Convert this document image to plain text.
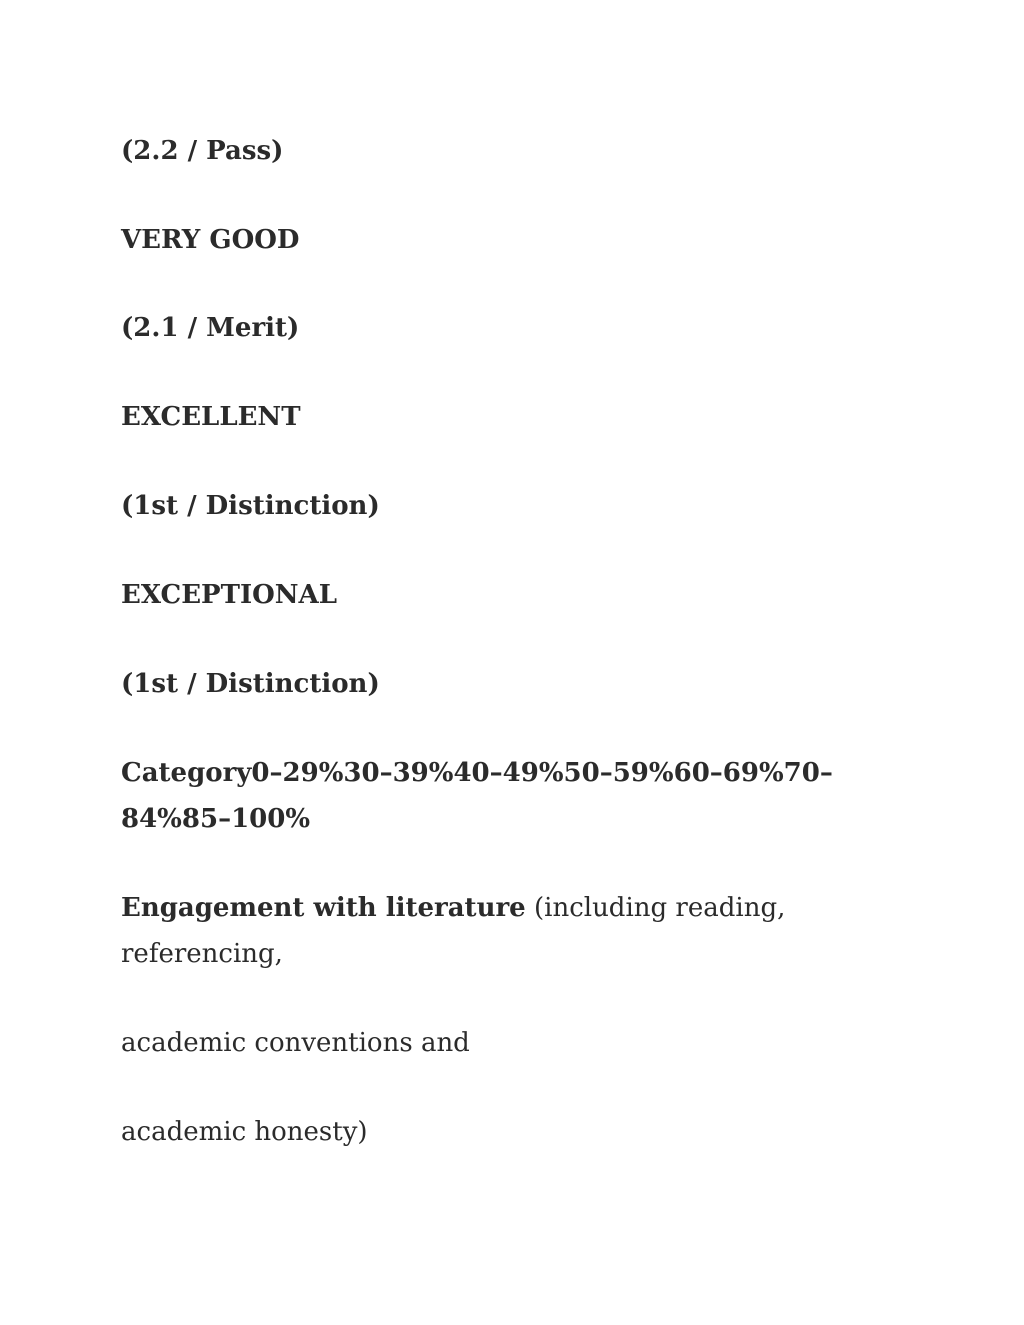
(2.2 / Pass)
VERY GOOD
(2.1 / Merit)
EXCELLENT
(1st / Distinction)
EXCEPTIONAL
(1st / Distinction)
Category0–29%30–39%40–49%50–59%60–69%70–
84%85–100%
Engagement with literature (including reading,
referencing,
academic conventions and
academic honesty)
